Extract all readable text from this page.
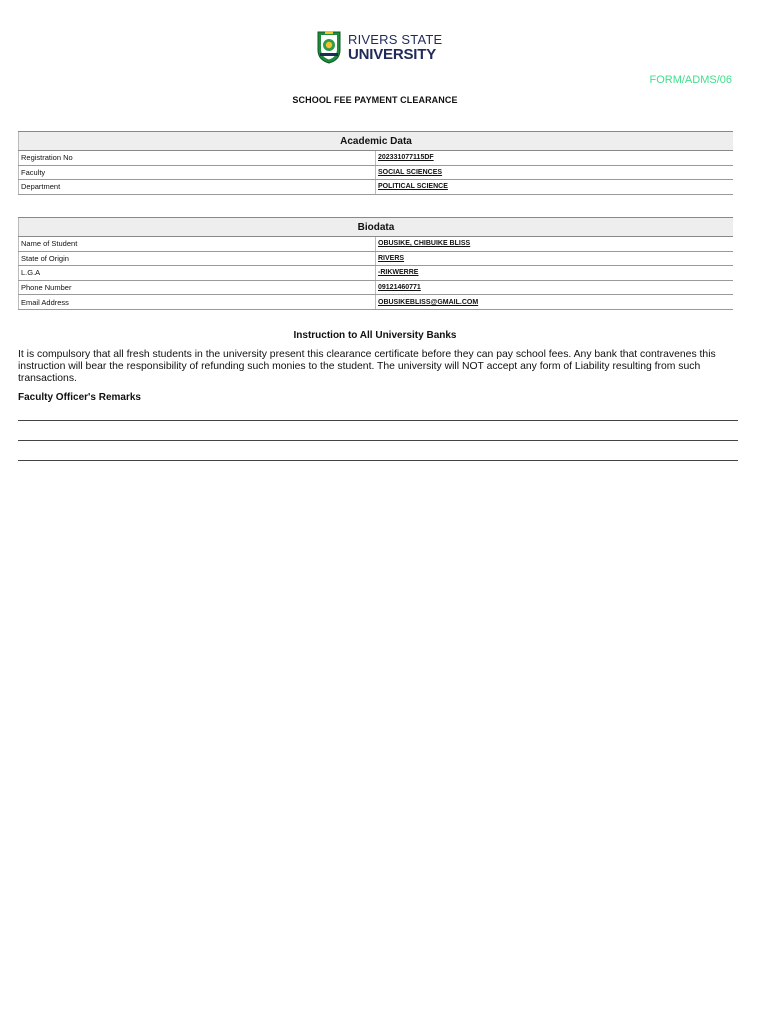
RIVERS STATE
UNIVERSITY
FORM/ADMS/06
SCHOOL FEE PAYMENT CLEARANCE
Academic Data	
Registration No	202331077115DF
Faculty	SOCIAL SCIENCES
Department	POLITICAL SCIENCE
Biodata	
Name of Student	OBUSIKE, CHIBUIKE BLISS
State of Origin	RIVERS
L.G.A	-RIKWERRE
Phone Number	09121460771
Email Address	OBUSIKEBLISS@GMAIL.COM
Instruction to All University Banks
It is compulsory that all fresh students in the university present this clearance certificate before they can pay school fees. Any bank that contravenes this instruction will bear the responsibility of refunding such monies to the student. The university will NOT accept any form of Liability resulting from such transactions.
Faculty Officer's Remarks
